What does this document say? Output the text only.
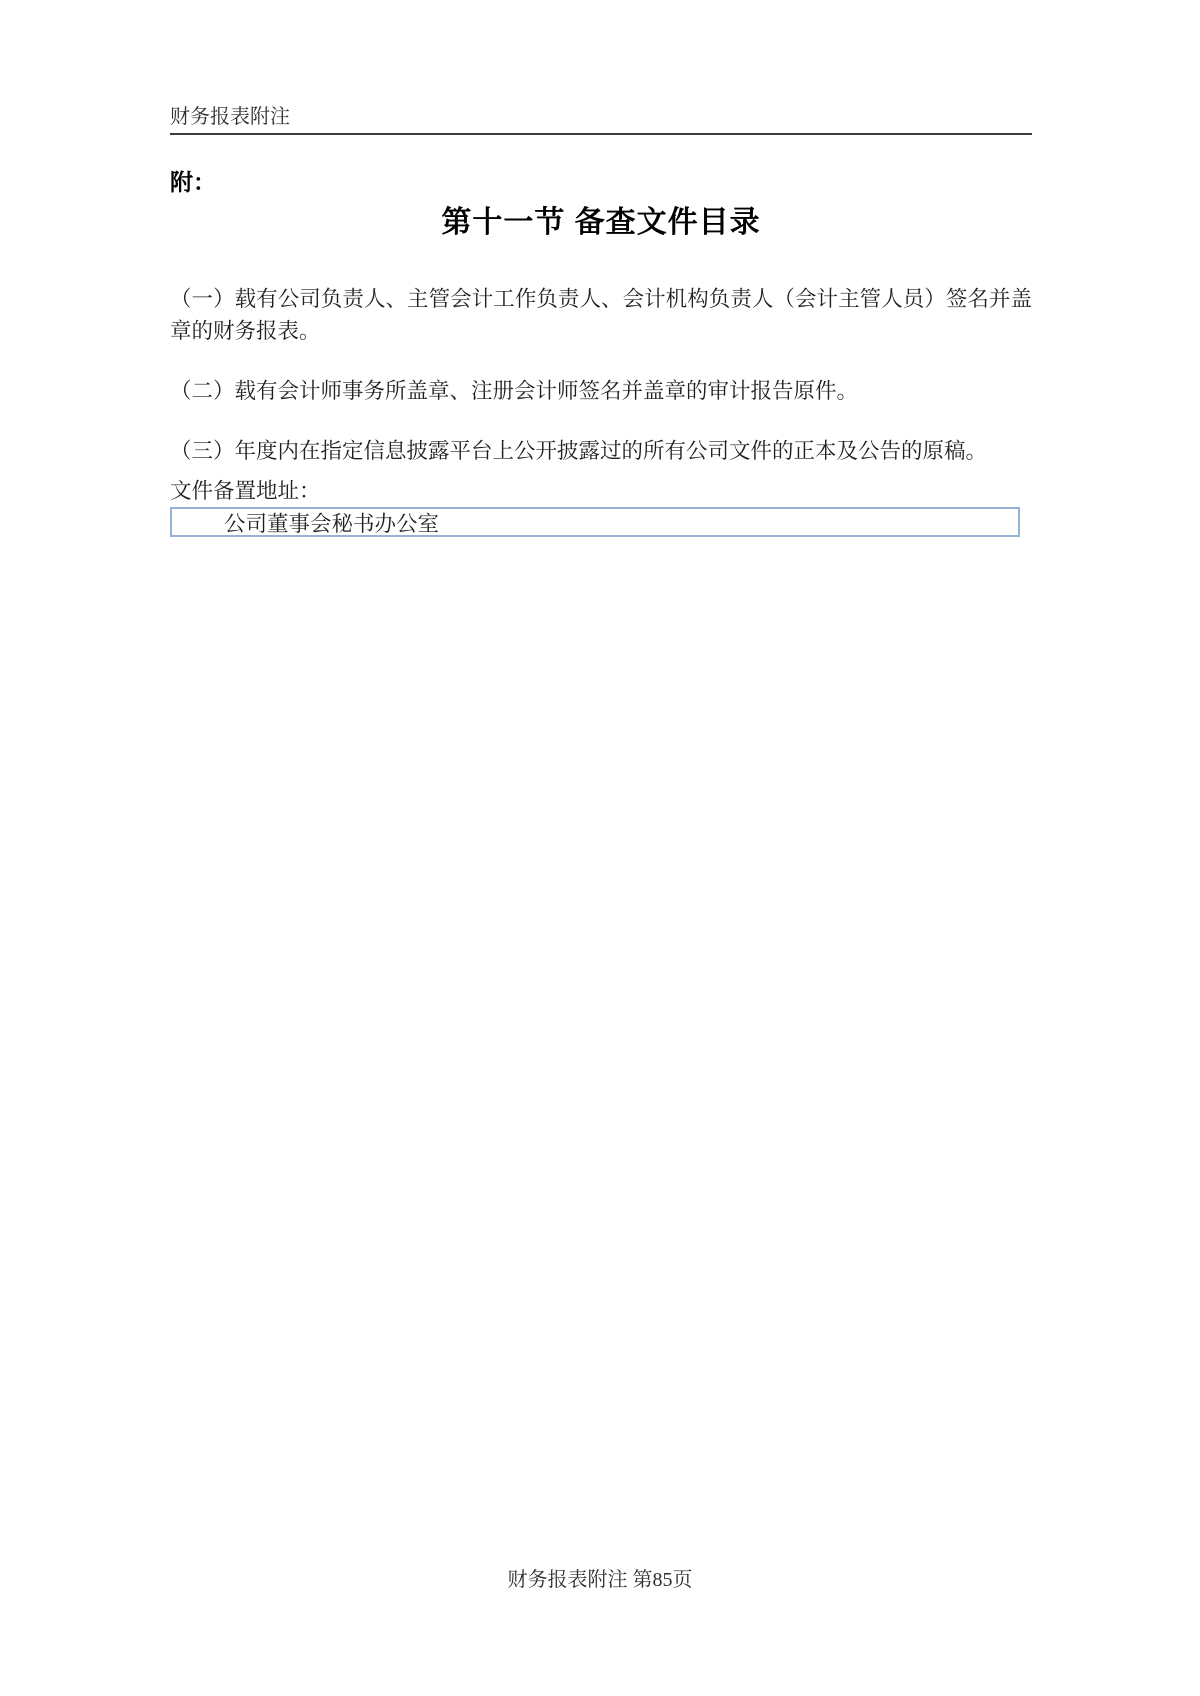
财务报表附注
附：
第十一节 备查文件目录

（一）载有公司负责人、主管会计工作负责人、会计机构负责人（会计主管人员）签名并盖章的财务报表。

（二）载有会计师事务所盖章、注册会计师签名并盖章的审计报告原件。

（三）年度内在指定信息披露平台上公开披露过的所有公司文件的正本及公告的原稿。

文件备置地址：
公司董事会秘书办公室
财务报表附注 第85页
